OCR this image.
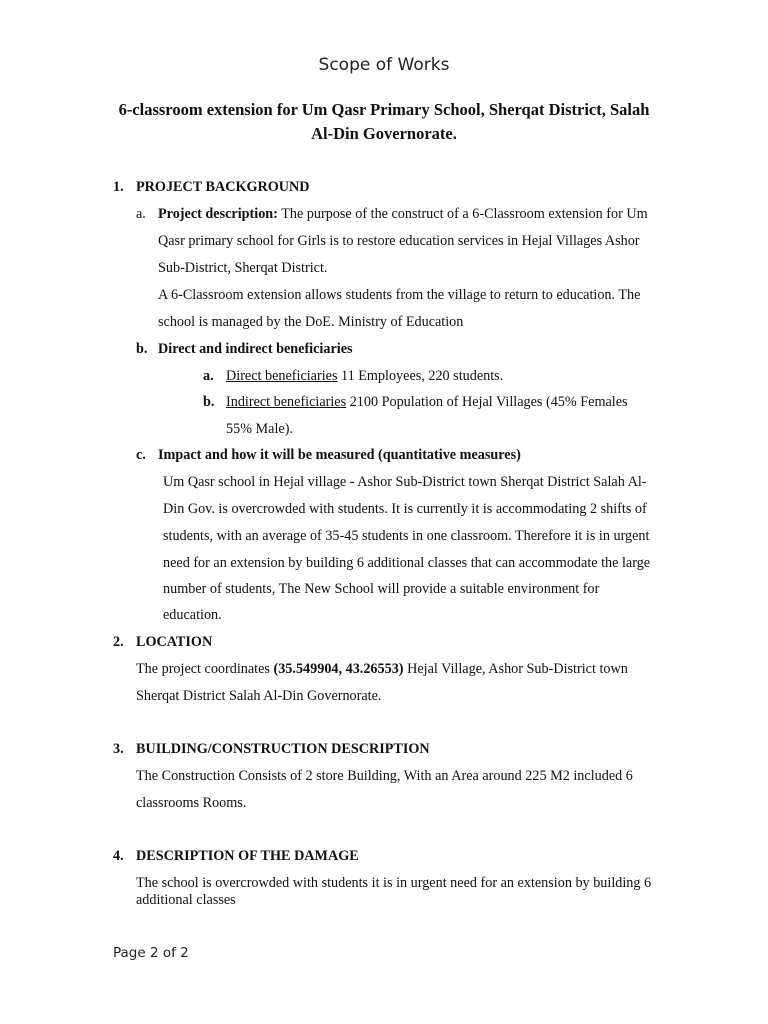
Scope of Works
6-classroom extension for Um Qasr Primary School, Sherqat District, Salah
Al-Din Governorate.
1. PROJECT BACKGROUND
a. Project description: The purpose of the construct of a 6-Classroom extension for Um
Qasr primary school for Girls is to restore education services in Hejal Villages Ashor
Sub-District, Sherqat District.
A 6-Classroom extension allows students from the village to return to education. The
school is managed by the DoE. Ministry of Education
b. Direct and indirect beneficiaries
a. Direct beneficiaries 11 Employees, 220 students.
b. Indirect beneficiaries 2100 Population of Hejal Villages (45% Females
55% Male).
c. Impact and how it will be measured (quantitative measures)
Um Qasr school in Hejal village - Ashor Sub-District town Sherqat District Salah Al-
Din Gov. is overcrowded with students. It is currently it is accommodating 2 shifts of
students, with an average of 35-45 students in one classroom. Therefore it is in urgent
need for an extension by building 6 additional classes that can accommodate the large
number of students, The New School will provide a suitable environment for
education.
2. LOCATION
The project coordinates (35.549904, 43.26553) Hejal Village, Ashor Sub-District town
Sherqat District Salah Al-Din Governorate.
3. BUILDING/CONSTRUCTION DESCRIPTION
The Construction Consists of 2 store Building, With an Area around 225 M2 included 6
classrooms Rooms.
4. DESCRIPTION OF THE DAMAGE
The school is overcrowded with students it is in urgent need for an extension by building 6
additional classes
Page 2 of 2
